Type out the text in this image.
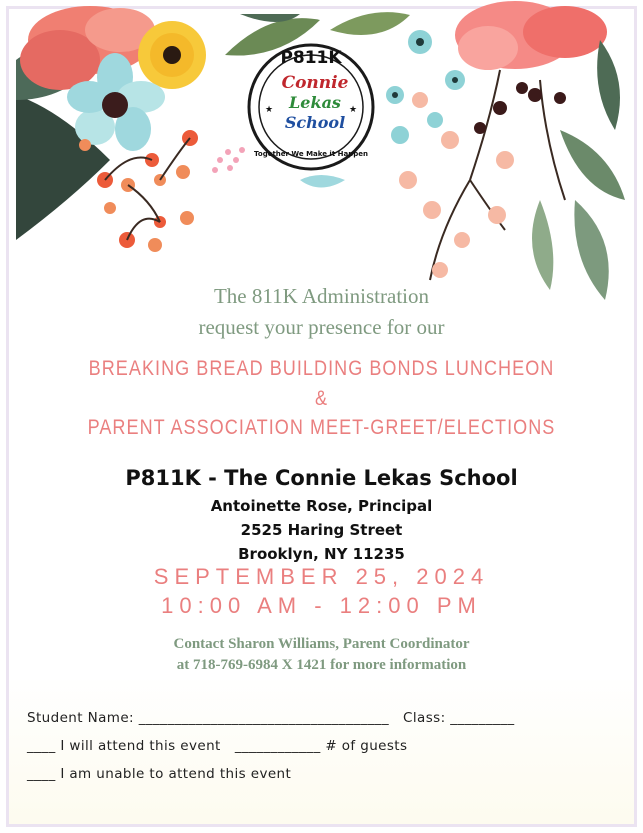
P811K
Connie
Lekas
School
Together We Make it Happen
★	★
The 811K Administration
request your presence for our
BREAKING BREAD BUILDING BONDS LUNCHEON
&
PARENT ASSOCIATION MEET-GREET/ELECTIONS
P811K - The Connie Lekas School
Antoinette Rose, Principal
2525 Haring Street
Brooklyn, NY 11235
SEPTEMBER 25, 2024
10:00 AM - 12:00 PM
Contact Sharon Williams, Parent Coordinator
at 718-769-6984 X 1421 for more information
Student Name: ___________________________________ Class: _________
____ I will attend this event ____________ # of guests
____ I am unable to attend this event
